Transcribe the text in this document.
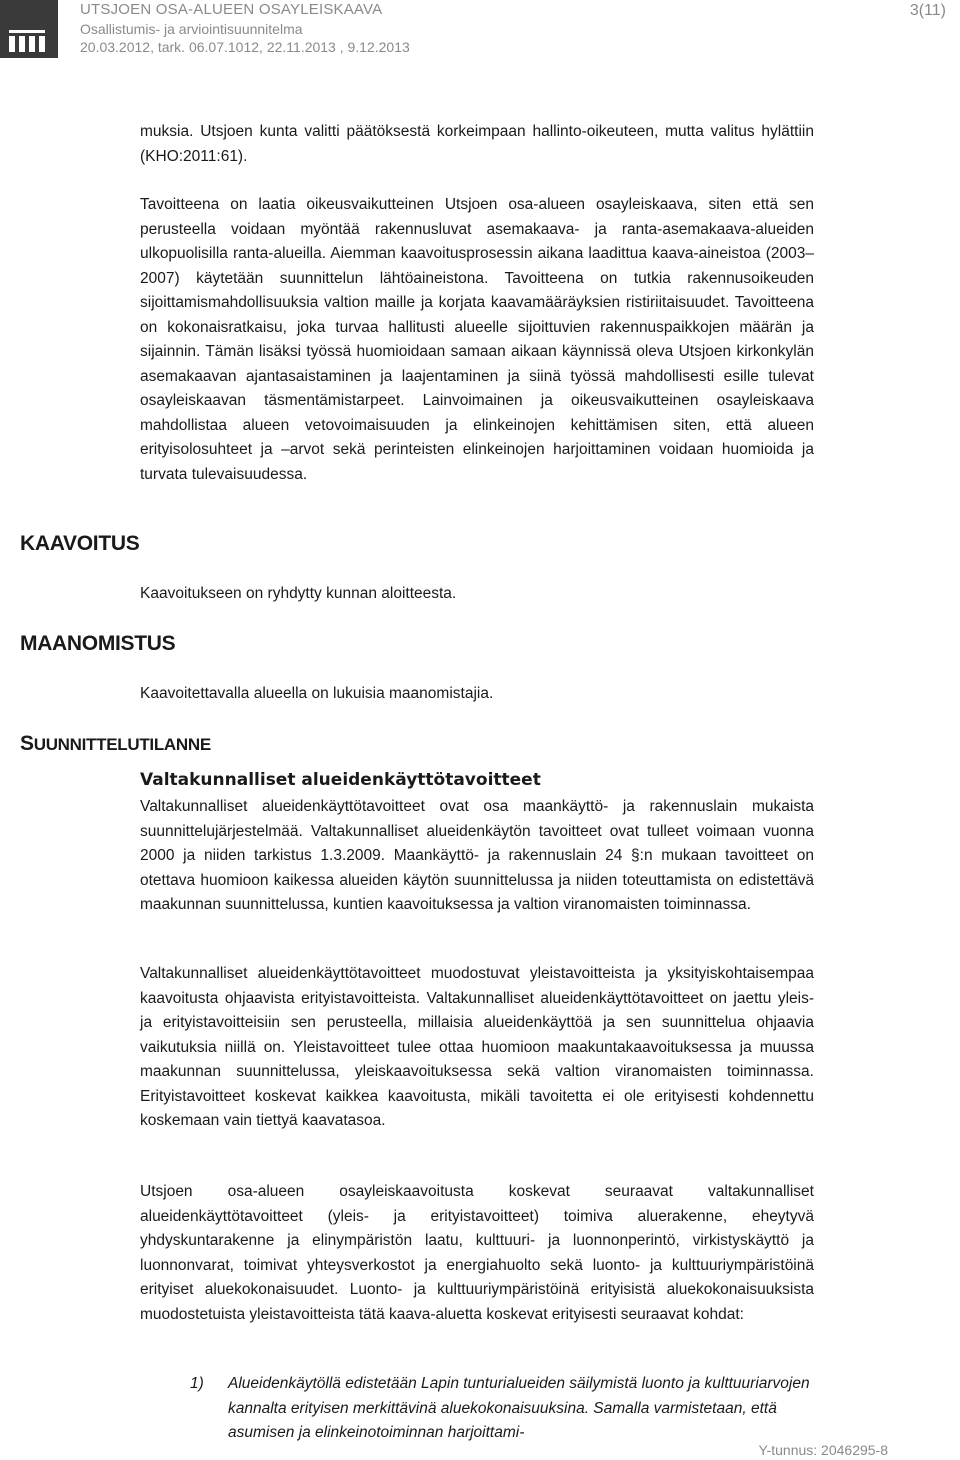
UTSJOEN OSA-ALUEEN OSAYLEISKAAVA
Osallistumis- ja arviointisuunnitelma
20.03.2012, tark. 06.07.1012, 22.11.2013 , 9.12.2013
3(11)

muksia. Utsjoen kunta valitti päätöksestä korkeimpaan hallinto-oikeuteen, mutta valitus hylättiin (KHO:2011:61).

Tavoitteena on laatia oikeusvaikutteinen Utsjoen osa-alueen osayleiskaava, siten että sen perusteella voidaan myöntää rakennusluvat asemakaava- ja ranta-asemakaava-alueiden ulkopuolisilla ranta-alueilla. Aiemman kaavoitusprosessin aikana laadittua kaava-aineistoa (2003–2007) käytetään suunnittelun lähtöaineistona. Tavoitteena on tutkia rakennusoikeuden sijoittamismahdollisuuksia valtion maille ja korjata kaavamääräyksien ristiriitaisuudet. Tavoitteena on kokonaisratkaisu, joka turvaa hallitusti alueelle sijoittuvien rakennuspaikkojen määrän ja sijainnin. Tämän lisäksi työssä huomioidaan samaan aikaan käynnissä oleva Utsjoen kirkonkylän asemakaavan ajantasaistaminen ja laajentaminen ja siinä työssä mahdollisesti esille tulevat osayleiskaavan täsmentämistarpeet. Lainvoimainen ja oikeusvaikutteinen osayleiskaava mahdollistaa alueen vetovoimaisuuden ja elinkeinojen kehittämisen siten, että alueen erityisolosuhteet ja –arvot sekä perinteisten elinkeinojen harjoittaminen voidaan huomioida ja turvata tulevaisuudessa.

KAAVOITUS

Kaavoitukseen on ryhdytty kunnan aloitteesta.

MAANOMISTUS

Kaavoitettavalla alueella on lukuisia maanomistajia.

SUUNNITTELUTILANNE
Valtakunnalliset alueidenkäyttötavoitteet

Valtakunnalliset alueidenkäyttötavoitteet ovat osa maankäyttö- ja rakennuslain mukaista suunnittelujärjestelmää. Valtakunnalliset alueidenkäytön tavoitteet ovat tulleet voimaan vuonna 2000 ja niiden tarkistus 1.3.2009. Maankäyttö- ja rakennuslain 24 §:n mukaan tavoitteet on otettava huomioon kaikessa alueiden käytön suunnittelussa ja niiden toteuttamista on edistettävä maakunnan suunnittelussa, kuntien kaavoituksessa ja valtion viranomaisten toiminnassa.

Valtakunnalliset alueidenkäyttötavoitteet muodostuvat yleistavoitteista ja yksityiskohtaisempaa kaavoitusta ohjaavista erityistavoitteista. Valtakunnalliset alueidenkäyttötavoitteet on jaettu yleis- ja erityistavoitteisiin sen perusteella, millaisia alueidenkäyttöä ja sen suunnittelua ohjaavia vaikutuksia niillä on. Yleistavoitteet tulee ottaa huomioon maakuntakaavoituksessa ja muussa maakunnan suunnittelussa, yleiskaavoituksessa sekä valtion viranomaisten toiminnassa. Erityistavoitteet koskevat kaikkea kaavoitusta, mikäli tavoitetta ei ole erityisesti kohdennettu koskemaan vain tiettyä kaavatasoa.

Utsjoen osa-alueen osayleiskaavoitusta koskevat seuraavat valtakunnalliset alueidenkäyttötavoitteet (yleis- ja erityistavoitteet) toimiva aluerakenne, eheytyvä yhdyskuntarakenne ja elinympäristön laatu, kulttuuri- ja luonnonperintö, virkistyskäyttö ja luonnonvarat, toimivat yhteysverkostot ja energiahuolto sekä luonto- ja kulttuuriympäristöinä erityiset aluekokonaisuudet. Luonto- ja kulttuuriympäristöinä erityisistä aluekokonaisuuksista muodostetuista yleistavoitteista tätä kaava-aluetta koskevat erityisesti seuraavat kohdat:

1) Alueidenkäytöllä edistetään Lapin tunturialueiden säilymistä luonto ja kulttuuriarvojen kannalta erityisen merkittävinä aluekokonaisuuksina. Samalla varmistetaan, että asumisen ja elinkeinotoiminnan harjoittami-
Y-tunnus: 2046295-8
